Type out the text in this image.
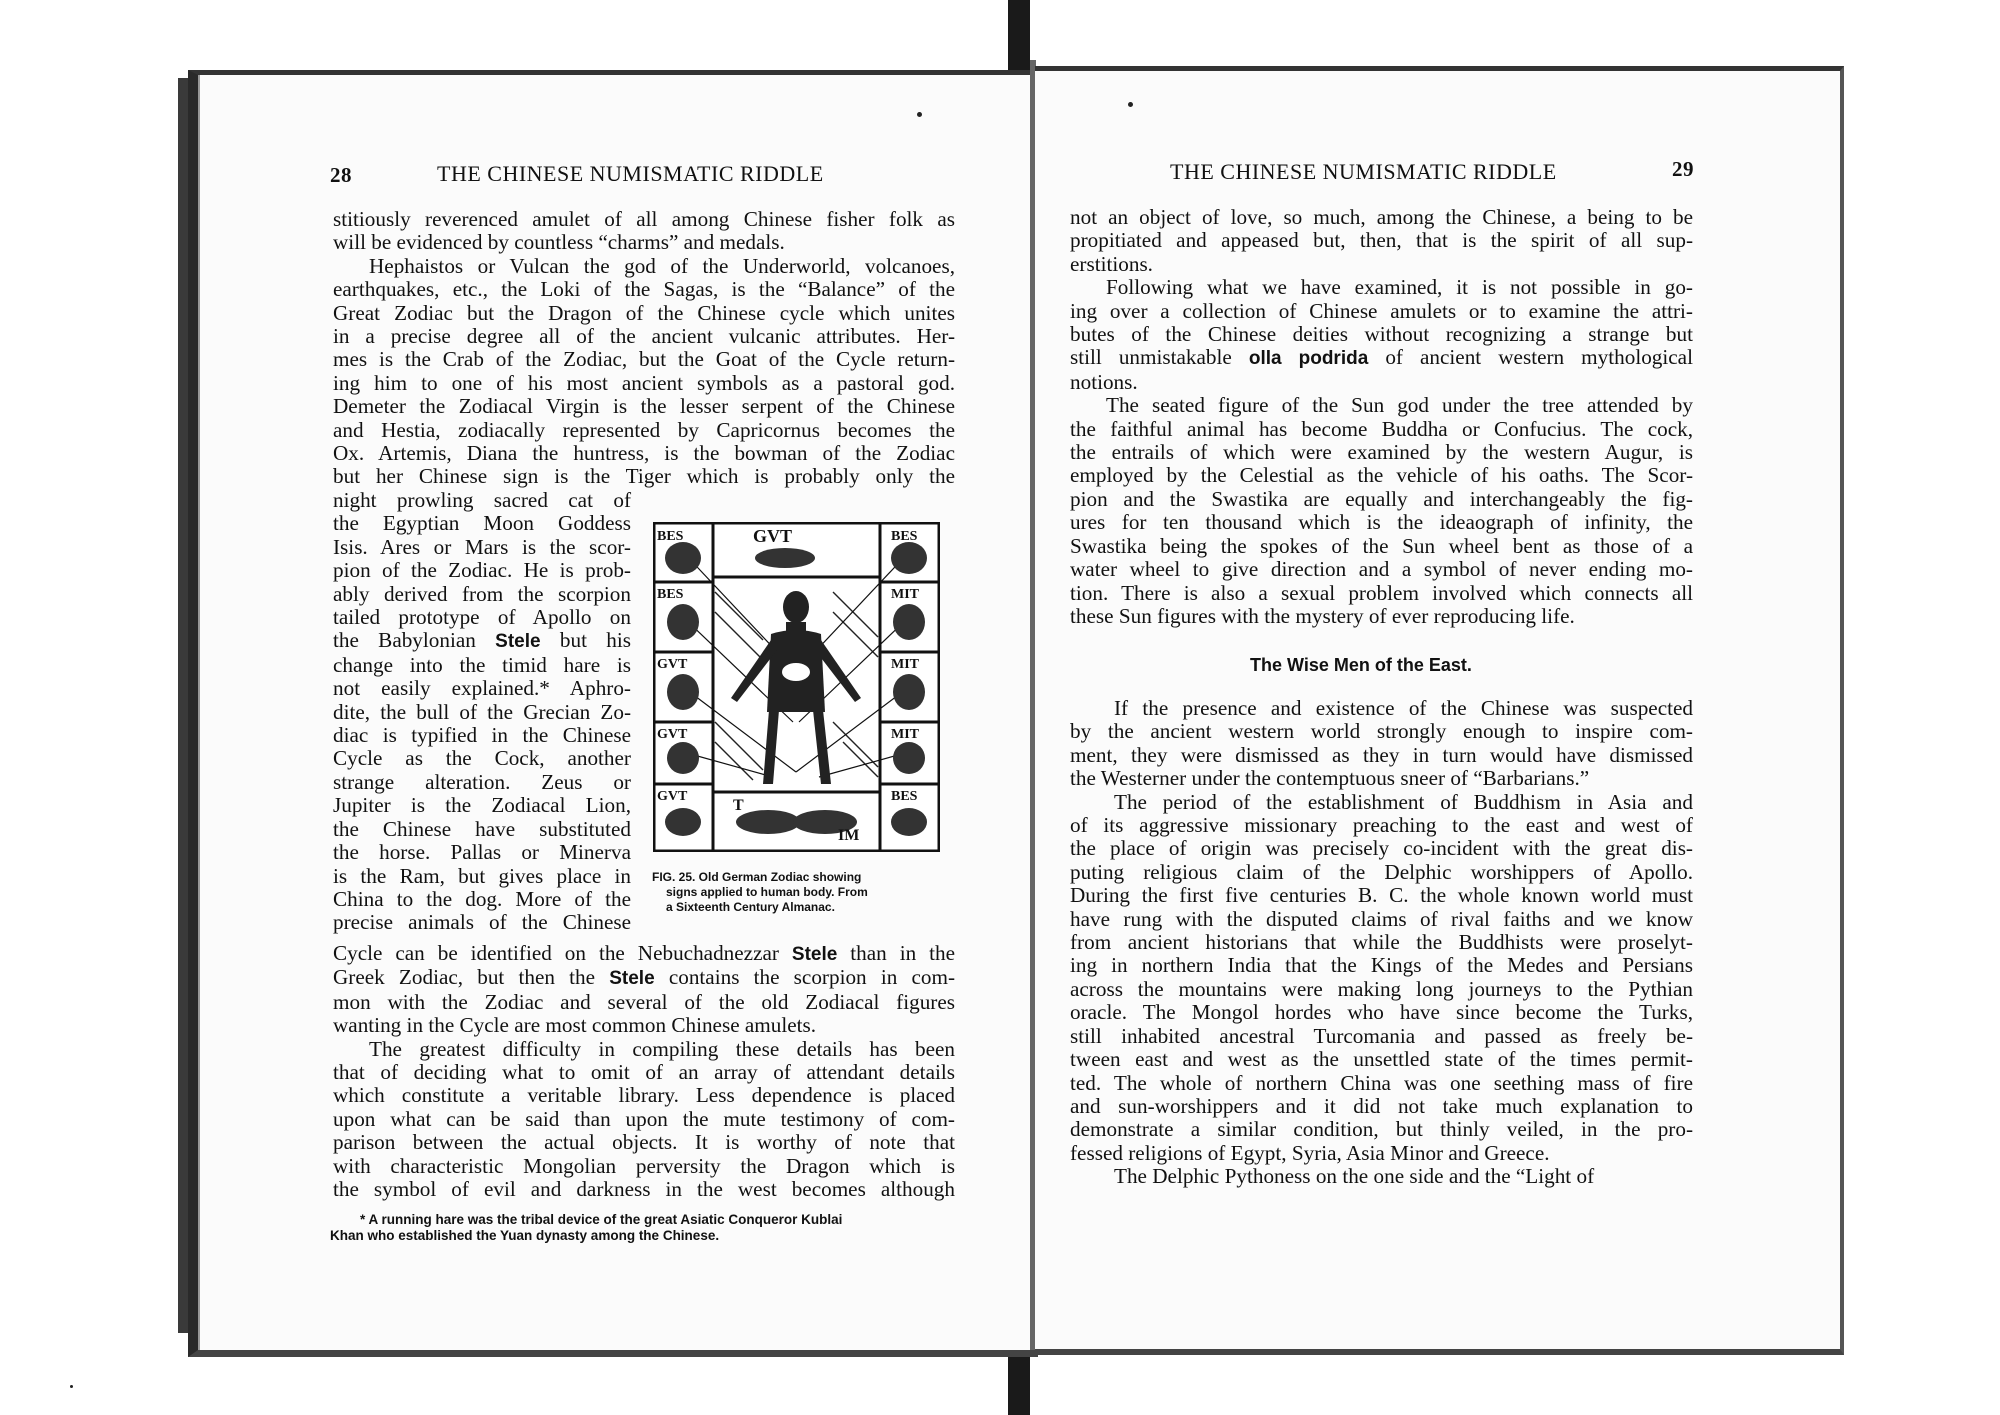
28	THE CHINESE NUMISMATIC RIDDLE
stitiously reverenced amulet of all among Chinese fisher folk as
will be evidenced by countless “charms” and medals.
Hephaistos or Vulcan the god of the Underworld, volcanoes,
earthquakes, etc., the Loki of the Sagas, is the “Balance” of the
Great Zodiac but the Dragon of the Chinese cycle which unites
in a precise degree all of the ancient vulcanic attributes. Her-
mes is the Crab of the Zodiac, but the Goat of the Cycle return-
ing him to one of his most ancient symbols as a pastoral god.
Demeter the Zodiacal Virgin is the lesser serpent of the Chinese
and Hestia, zodiacally represented by Capricornus becomes the
Ox. Artemis, Diana the huntress, is the bowman of the Zodiac
but her Chinese sign is the Tiger which is probably only the
night prowling sacred cat of
the Egyptian Moon Goddess
Isis. Ares or Mars is the scor-
pion of the Zodiac. He is prob-
ably derived from the scorpion
tailed prototype of Apollo on
the Babylonian Stele but his
change into the timid hare is
not easily explained.* Aphro-
dite, the bull of the Grecian Zo-
diac is typified in the Chinese
Cycle as the Cock, another
strange alteration. Zeus or
Jupiter is the Zodiacal Lion,
the Chinese have substituted
the horse. Pallas or Minerva
is the Ram, but gives place in
China to the dog. More of the
precise animals of the Chinese
BES	GVT	BES
BES	MIT
GVT	MIT
GVT	MIT
GVT
T
IM
BES
FIG. 25. Old German Zodiac showing
signs applied to human body. From
a Sixteenth Century Almanac.
Cycle can be identified on the Nebuchadnezzar Stele than in the
Greek Zodiac, but then the Stele contains the scorpion in com-
mon with the Zodiac and several of the old Zodiacal figures
wanting in the Cycle are most common Chinese amulets.
The greatest difficulty in compiling these details has been
that of deciding what to omit of an array of attendant details
which constitute a veritable library. Less dependence is placed
upon what can be said than upon the mute testimony of com-
parison between the actual objects. It is worthy of note that
with characteristic Mongolian perversity the Dragon which is
the symbol of evil and darkness in the west becomes although
* A running hare was the tribal device of the great Asiatic Conqueror Kublai
Khan who established the Yuan dynasty among the Chinese.
THE CHINESE NUMISMATIC RIDDLE	29
not an object of love, so much, among the Chinese, a being to be
propitiated and appeased but, then, that is the spirit of all sup-
erstitions.
Following what we have examined, it is not possible in go-
ing over a collection of Chinese amulets or to examine the attri-
butes of the Chinese deities without recognizing a strange but
still unmistakable olla podrida of ancient western mythological
notions.
The seated figure of the Sun god under the tree attended by
the faithful animal has become Buddha or Confucius. The cock,
the entrails of which were examined by the western Augur, is
employed by the Celestial as the vehicle of his oaths. The Scor-
pion and the Swastika are equally and interchangeably the fig-
ures for ten thousand which is the ideaograph of infinity, the
Swastika being the spokes of the Sun wheel bent as those of a
water wheel to give direction and a symbol of never ending mo-
tion. There is also a sexual problem involved which connects all
these Sun figures with the mystery of ever reproducing life.
The Wise Men of the East.
If the presence and existence of the Chinese was suspected
by the ancient western world strongly enough to inspire com-
ment, they were dismissed as they in turn would have dismissed
the Westerner under the contemptuous sneer of “Barbarians.”
The period of the establishment of Buddhism in Asia and
of its aggressive missionary preaching to the east and west of
the place of origin was precisely co-incident with the great dis-
puting religious claim of the Delphic worshippers of Apollo.
During the first five centuries B. C. the whole known world must
have rung with the disputed claims of rival faiths and we know
from ancient historians that while the Buddhists were proselyt-
ing in northern India that the Kings of the Medes and Persians
across the mountains were making long journeys to the Pythian
oracle. The Mongol hordes who have since become the Turks,
still inhabited ancestral Turcomania and passed as freely be-
tween east and west as the unsettled state of the times permit-
ted. The whole of northern China was one seething mass of fire
and sun-worshippers and it did not take much explanation to
demonstrate a similar condition, but thinly veiled, in the pro-
fessed religions of Egypt, Syria, Asia Minor and Greece.
The Delphic Pythoness on the one side and the “Light of
